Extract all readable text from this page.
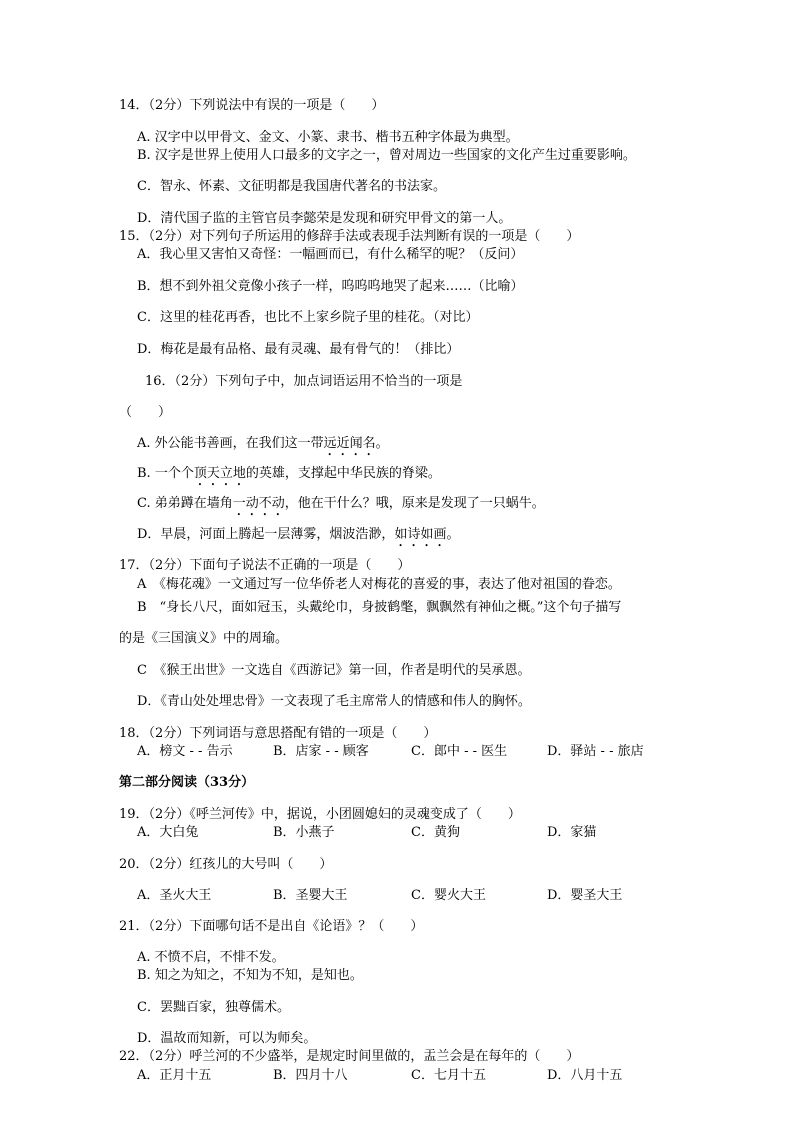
14．（2分）下列说法中有误的一项是（　　）
A. 汉字中以甲骨文、金文、小篆、隶书、楷书五种字体最为典型。
B. 汉字是世界上使用人口最多的文字之一，曾对周边一些国家的文化产生过重要影响。
C．智永、怀素、文征明都是我国唐代著名的书法家。
D．清代国子监的主管官员李懿荣是发现和研究甲骨文的第一人。
15．（2分）对下列句子所运用的修辞手法或表现手法判断有误的一项是（　　）
A．我心里又害怕又奇怪：一幅画而已，有什么稀罕的呢？（反问）
B．想不到外祖父竟像小孩子一样，呜呜呜地哭了起来……（比喻）
C．这里的桂花再香，也比不上家乡院子里的桂花。（对比）
D．梅花是最有品格、最有灵魂、最有骨气的！（排比）
16．（2分）下列句子中，加点词语运用不恰当的一项是
（　　）
A. 外公能书善画，在我们这一带远近闻名。
B. 一个个顶天立地的英雄，支撑起中华民族的脊梁。
C. 弟弟蹲在墙角一动不动，他在干什么？哦，原来是发现了一只蜗牛。
D．早晨，河面上腾起一层薄雾，烟波浩渺，如诗如画。
17．（2分）下面句子说法不正确的一项是（　　）
A　《梅花魂》一文通过写一位华侨老人对梅花的喜爱的事，表达了他对祖国的眷恋。
B　“身长八尺，面如冠玉，头戴纶巾，身披鹤氅，飘飘然有神仙之概。”这个句子描写
的是《三国演义》中的周瑜。
C　《猴王出世》一文选自《西游记》第一回，作者是明代的吴承恩。
D．《青山处处埋忠骨》一文表现了毛主席常人的情感和伟人的胸怀。
18．（2分）下列词语与意思搭配有错的一项是（　　）
A．榜文 - - 告示	B．店家 - - 顾客	C．郎中 - - 医生	D．驿站 - - 旅店
第二部分阅读（33分）
19．（2分）《呼兰河传》中，据说，小团圆媳妇的灵魂变成了（　　）
A．大白兔	B．小燕子	C．黄狗	D．家猫
20．（2分）红孩儿的大号叫（　　）
A．圣火大王	B．圣婴大王	C．婴火大王	D．婴圣大王
21．（2分）下面哪句话不是出自《论语》？（　　）
A. 不愤不启，不悱不发。
B. 知之为知之，不知为不知，是知也。
C．罢黜百家，独尊儒术。
D．温故而知新，可以为师矣。
22．（2分）呼兰河的不少盛举，是规定时间里做的，盂兰会是在每年的（　　）
A．正月十五	B．四月十八	C．七月十五	D．八月十五
